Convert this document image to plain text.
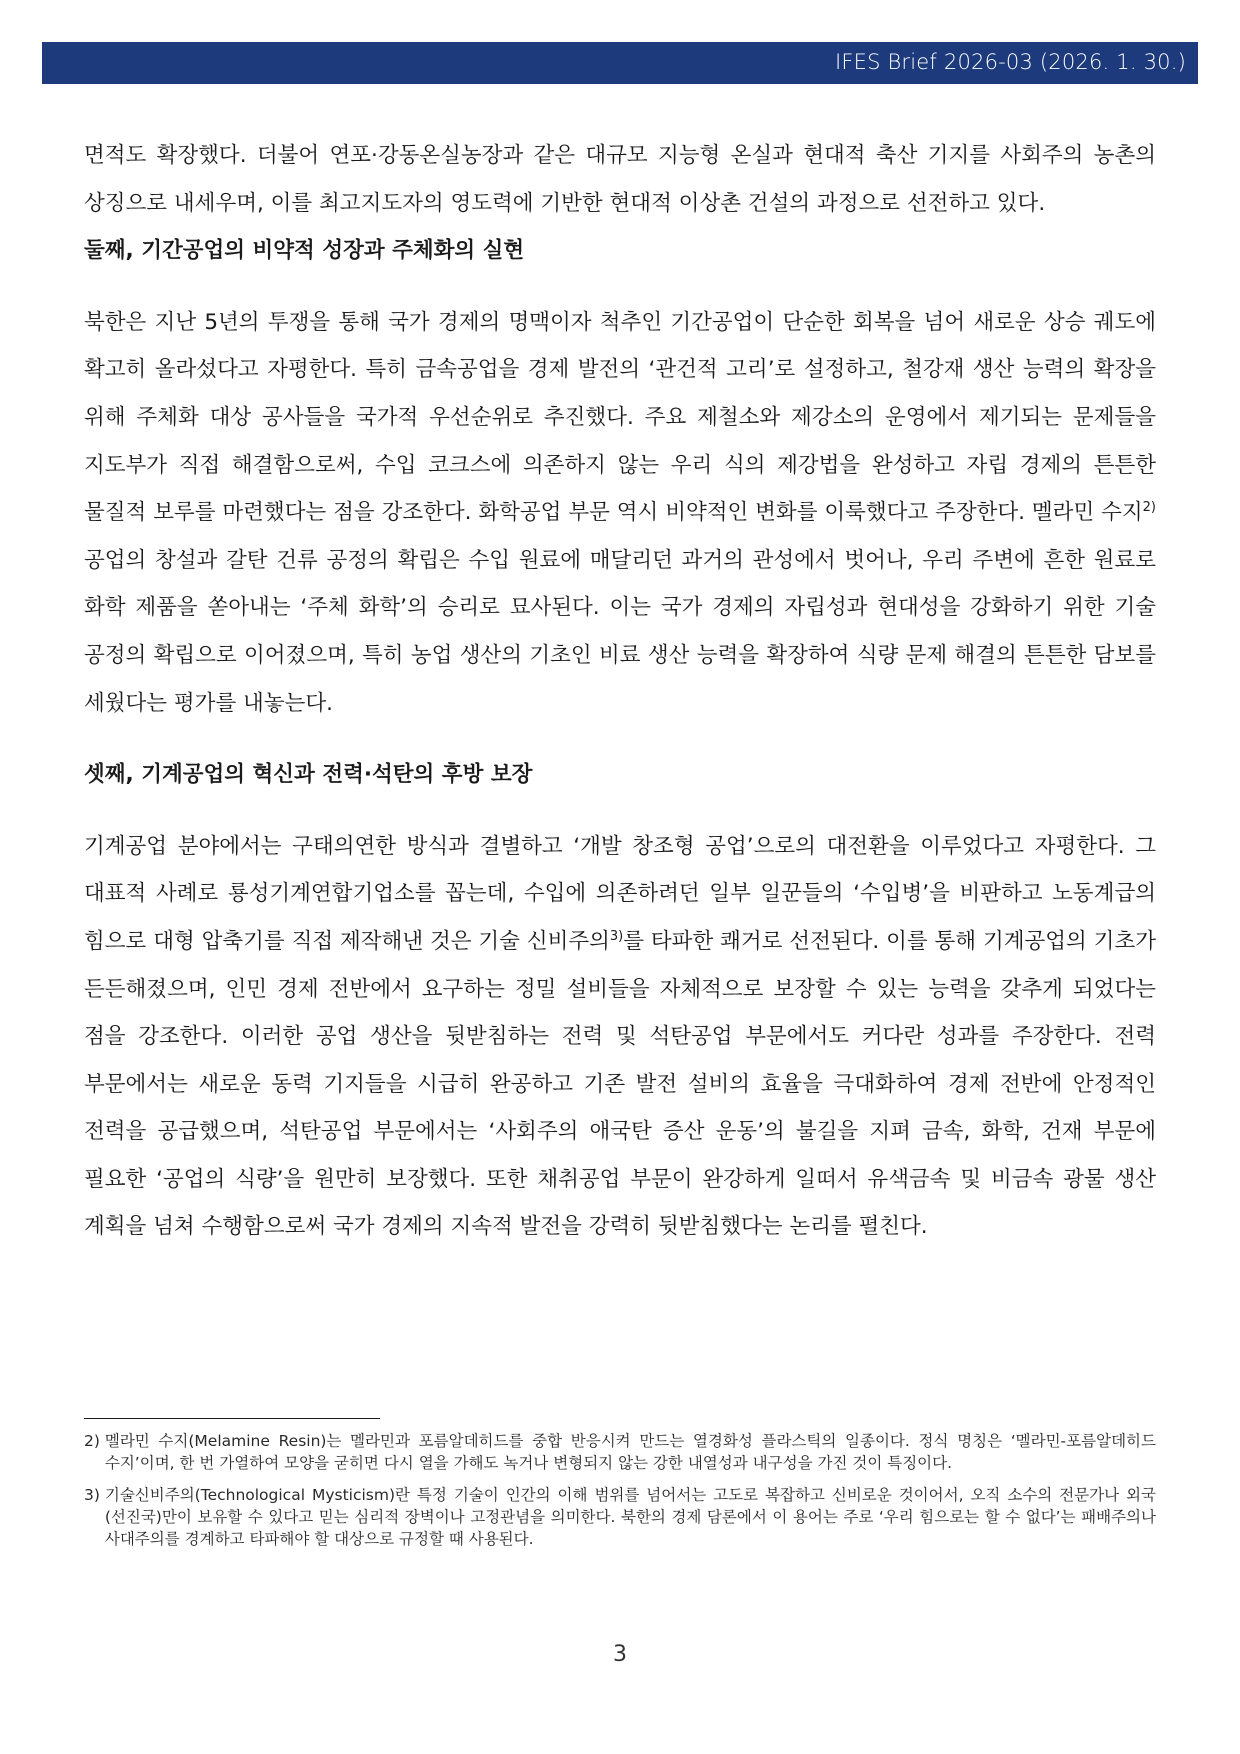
IFES Brief 2026-03 (2026. 1. 30.)

면적도 확장했다. 더불어 연포·강동온실농장과 같은 대규모 지능형 온실과 현대적 축산 기지를 사회주의 농촌의 상징으로 내세우며, 이를 최고지도자의 영도력에 기반한 현대적 이상촌 건설의 과정으로 선전하고 있다.

둘째, 기간공업의 비약적 성장과 주체화의 실현

북한은 지난 5년의 투쟁을 통해 국가 경제의 명맥이자 척추인 기간공업이 단순한 회복을 넘어 새로운 상승 궤도에 확고히 올라섰다고 자평한다. 특히 금속공업을 경제 발전의 ‘관건적 고리’로 설정하고, 철강재 생산 능력의 확장을 위해 주체화 대상 공사들을 국가적 우선순위로 추진했다. 주요 제철소와 제강소의 운영에서 제기되는 문제들을 지도부가 직접 해결함으로써, 수입 코크스에 의존하지 않는 우리 식의 제강법을 완성하고 자립 경제의 튼튼한 물질적 보루를 마련했다는 점을 강조한다. 화학공업 부문 역시 비약적인 변화를 이룩했다고 주장한다. 멜라민 수지$^{2)}$ 공업의 창설과 갈탄 건류 공정의 확립은 수입 원료에 매달리던 과거의 관성에서 벗어나, 우리 주변에 흔한 원료로 화학 제품을 쏟아내는 ‘주체 화학’의 승리로 묘사된다. 이는 국가 경제의 자립성과 현대성을 강화하기 위한 기술 공정의 확립으로 이어졌으며, 특히 농업 생산의 기초인 비료 생산 능력을 확장하여 식량 문제 해결의 튼튼한 담보를 세웠다는 평가를 내놓는다.

셋째, 기계공업의 혁신과 전력·석탄의 후방 보장

기계공업 분야에서는 구태의연한 방식과 결별하고 ‘개발 창조형 공업’으로의 대전환을 이루었다고 자평한다. 그 대표적 사례로 룡성기계연합기업소를 꼽는데, 수입에 의존하려던 일부 일꾼들의 ‘수입병’을 비판하고 노동계급의 힘으로 대형 압축기를 직접 제작해낸 것은 기술 신비주의$^{3)}$를 타파한 쾌거로 선전된다. 이를 통해 기계공업의 기초가 든든해졌으며, 인민 경제 전반에서 요구하는 정밀 설비들을 자체적으로 보장할 수 있는 능력을 갖추게 되었다는 점을 강조한다. 이러한 공업 생산을 뒷받침하는 전력 및 석탄공업 부문에서도 커다란 성과를 주장한다. 전력 부문에서는 새로운 동력 기지들을 시급히 완공하고 기존 발전 설비의 효율을 극대화하여 경제 전반에 안정적인 전력을 공급했으며, 석탄공업 부문에서는 ‘사회주의 애국탄 증산 운동’의 불길을 지펴 금속, 화학, 건재 부문에 필요한 ‘공업의 식량’을 원만히 보장했다. 또한 채취공업 부문이 완강하게 일떠서 유색금속 및 비금속 광물 생산 계획을 넘쳐 수행함으로써 국가 경제의 지속적 발전을 강력히 뒷받침했다는 논리를 펼친다.

2) 멜라민 수지(Melamine Resin)는 멜라민과 포름알데히드를 중합 반응시켜 만드는 열경화성 플라스틱의 일종이다. 정식 명칭은 ‘멜라민-포름알데히드 수지’이며, 한 번 가열하여 모양을 굳히면 다시 열을 가해도 녹거나 변형되지 않는 강한 내열성과 내구성을 가진 것이 특징이다.
3) 기술신비주의(Technological Mysticism)란 특정 기술이 인간의 이해 범위를 넘어서는 고도로 복잡하고 신비로운 것이어서, 오직 소수의 전문가나 외국(선진국)만이 보유할 수 있다고 믿는 심리적 장벽이나 고정관념을 의미한다. 북한의 경제 담론에서 이 용어는 주로 ‘우리 힘으로는 할 수 없다’는 패배주의나 사대주의를 경계하고 타파해야 할 대상으로 규정할 때 사용된다.
3
